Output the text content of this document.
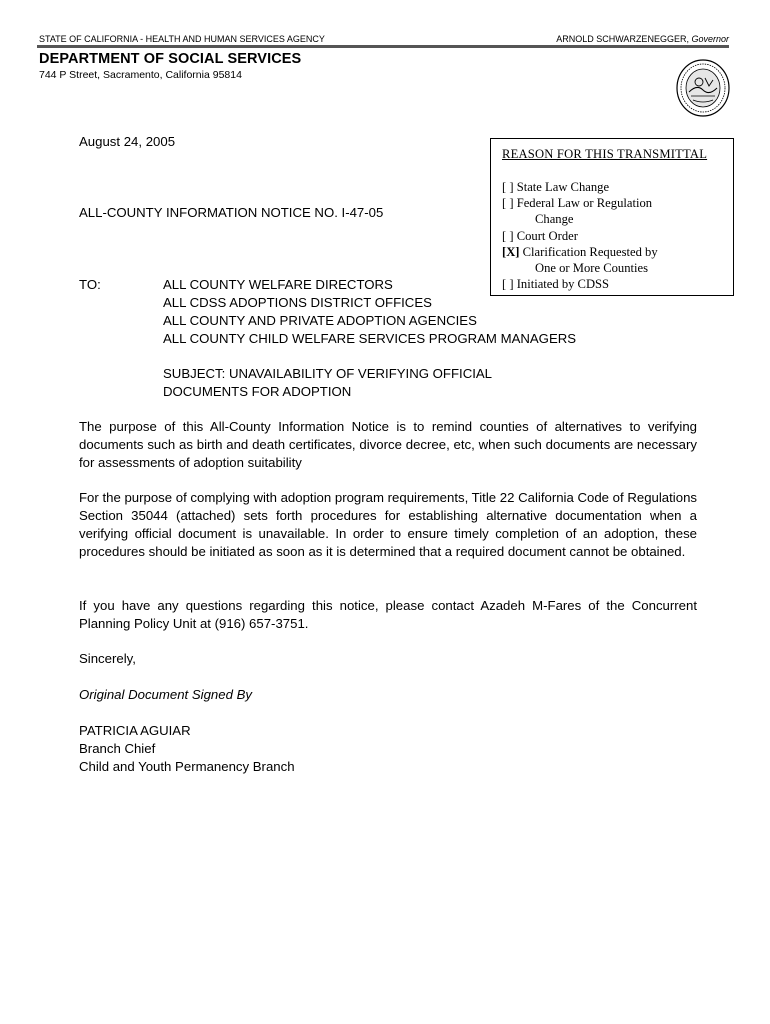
STATE OF CALIFORNIA - HEALTH AND HUMAN SERVICES AGENCY	ARNOLD SCHWARZENEGGER, Governor
DEPARTMENT OF SOCIAL SERVICES
744 P Street, Sacramento, California 95814
August 24, 2005
ALL-COUNTY INFORMATION NOTICE NO. I-47-05
TO:	ALL COUNTY WELFARE DIRECTORS
ALL CDSS ADOPTIONS DISTRICT OFFICES
ALL COUNTY AND PRIVATE ADOPTION AGENCIES
ALL COUNTY CHILD WELFARE SERVICES PROGRAM MANAGERS
SUBJECT: UNAVAILABILITY OF VERIFYING OFFICIAL
DOCUMENTS FOR ADOPTION
The purpose of this All-County Information Notice is to remind counties of alternatives to verifying documents such as birth and death certificates, divorce decree, etc, when such documents are necessary for assessments of adoption suitability
For the purpose of complying with adoption program requirements, Title 22 California Code of Regulations Section 35044 (attached) sets forth procedures for establishing alternative documentation when a verifying official document is unavailable. In order to ensure timely completion of an adoption, these procedures should be initiated as soon as it is determined that a required document cannot be obtained.
If you have any questions regarding this notice, please contact Azadeh M-Fares of the Concurrent Planning Policy Unit at (916) 657-3751.
Sincerely,
Original Document Signed By
PATRICIA AGUIAR
Branch Chief
Child and Youth Permanency Branch
REASON FOR THIS TRANSMITTAL
[ ] State Law Change
[ ] Federal Law or Regulation
Change
[ ] Court Order
[X] Clarification Requested by
One or More Counties
[ ] Initiated by CDSS
